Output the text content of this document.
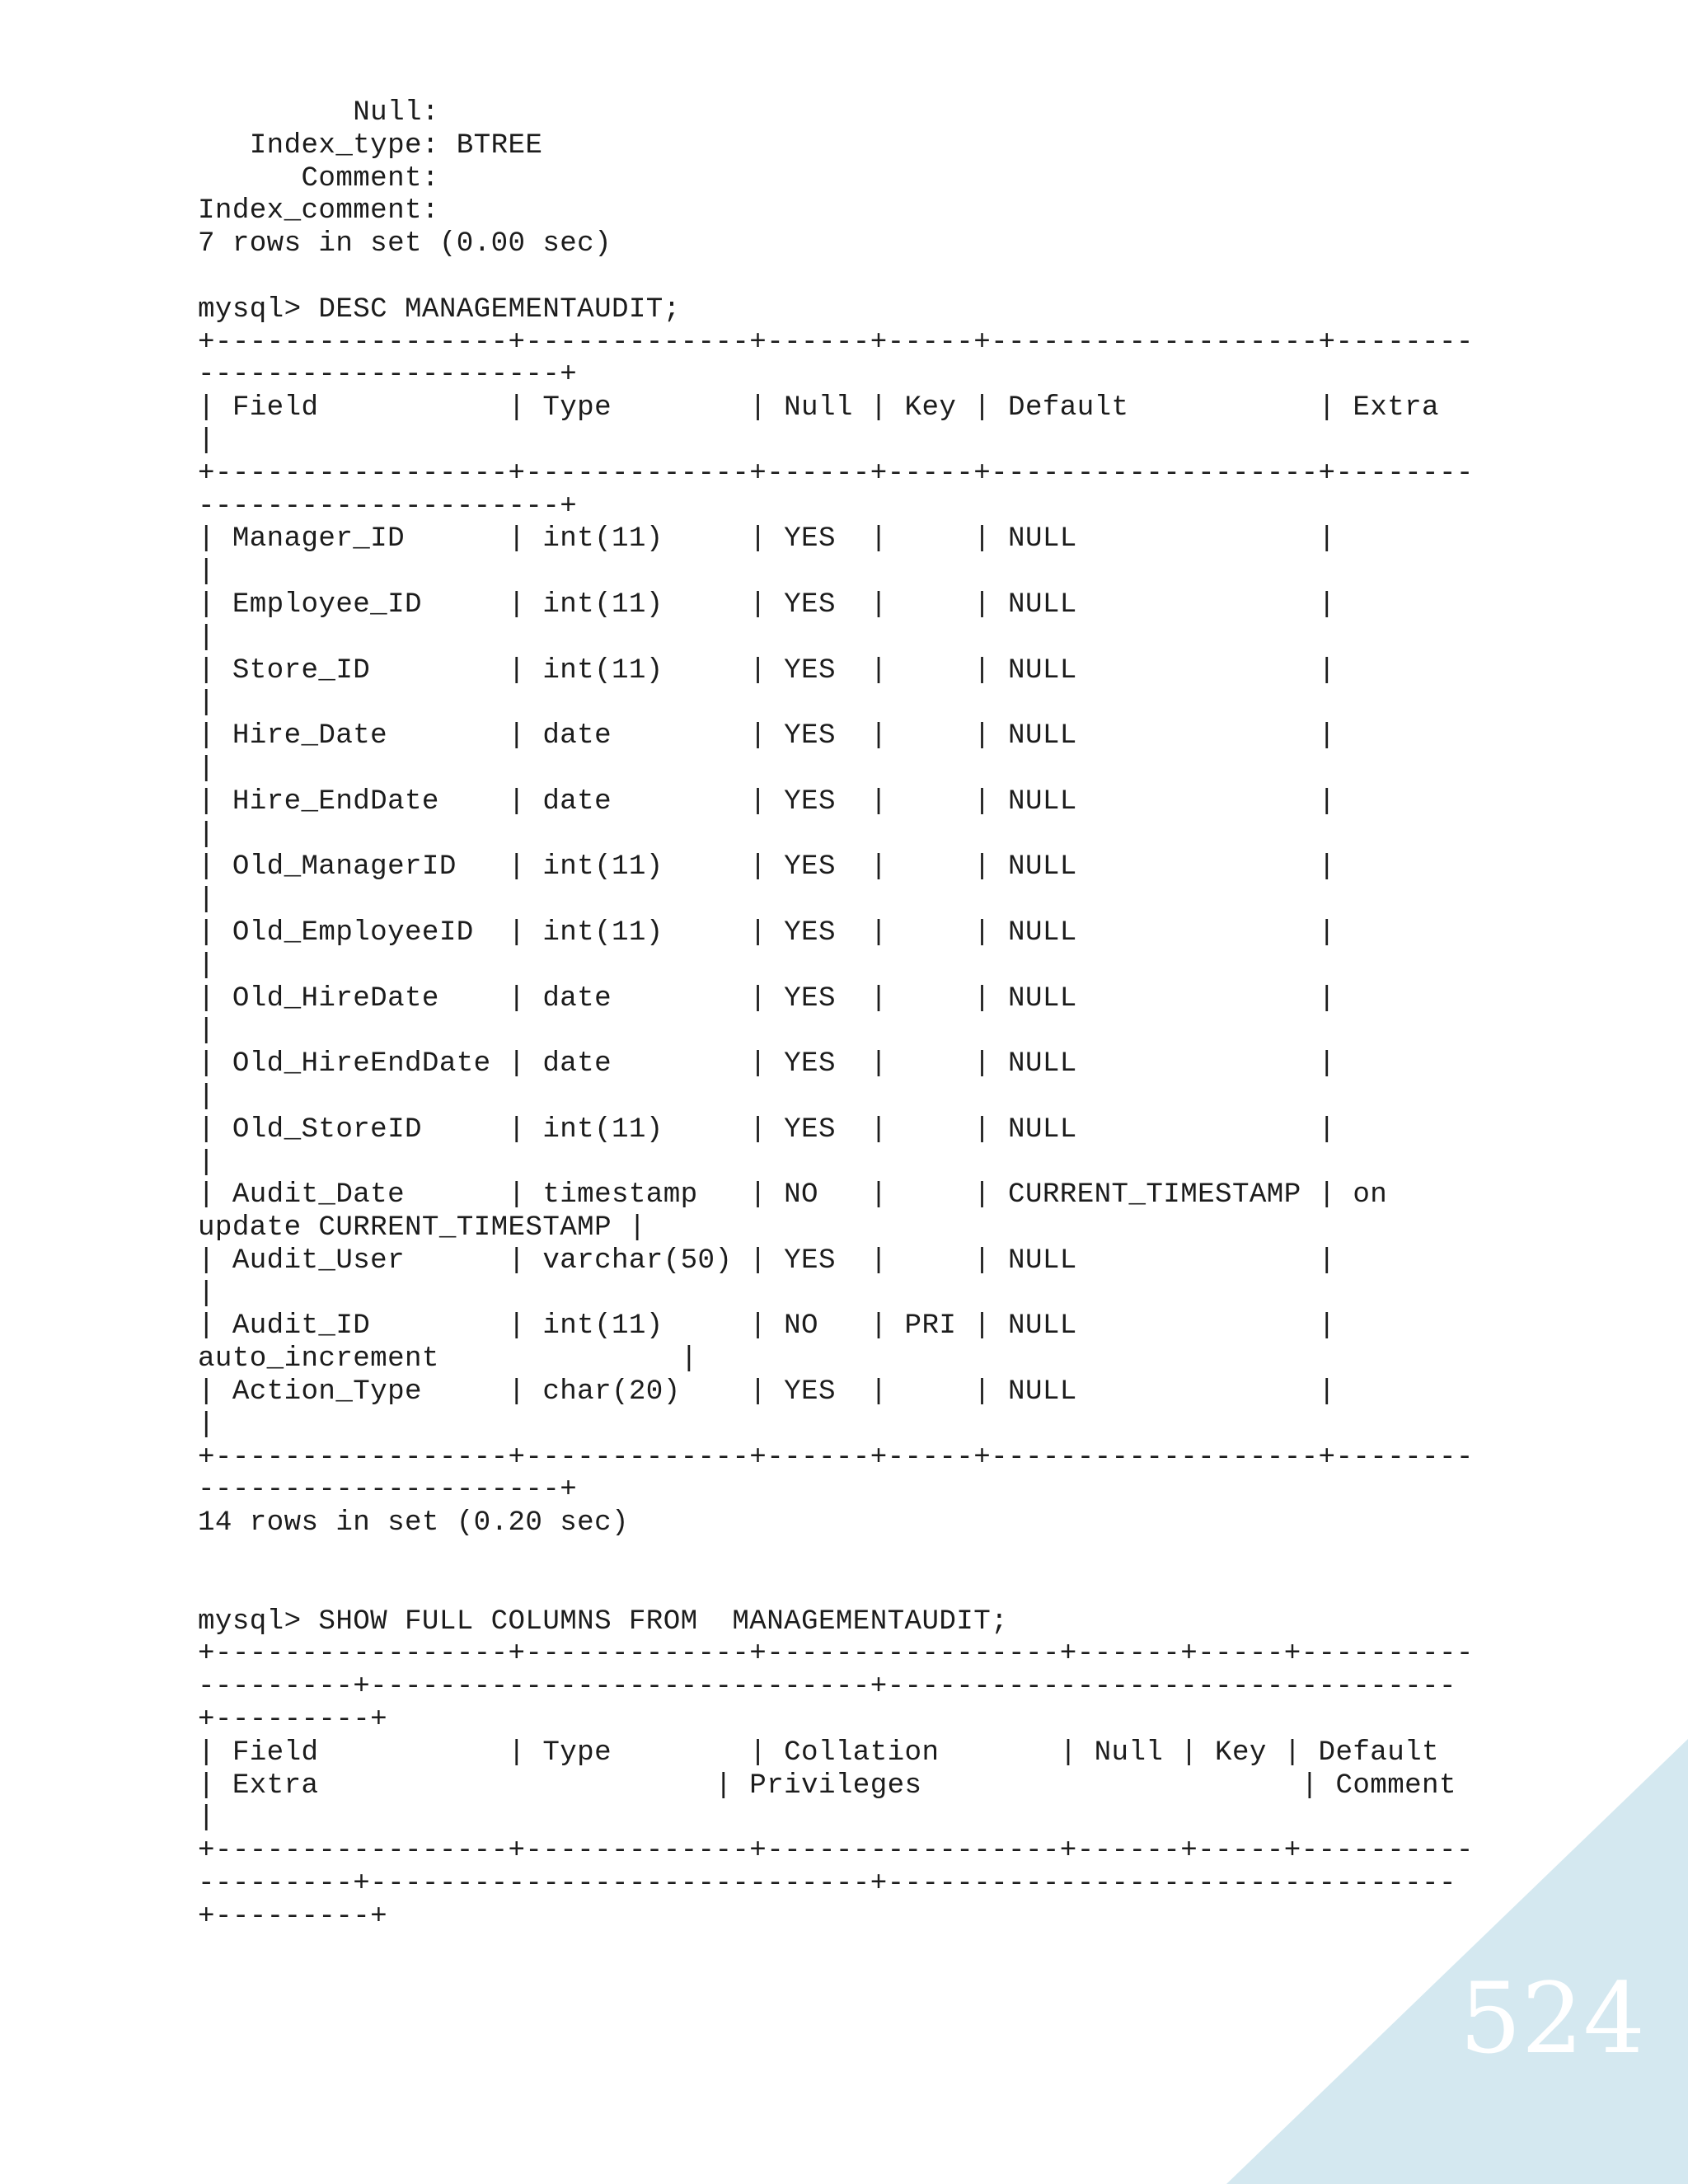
Null:
Index_type: BTREE
Comment:
Index_comment:
7 rows in set (0.00 sec)
mysql> DESC MANAGEMENTAUDIT;
+-----------------+-------------+------+-----+-------------------+--------
---------------------+
| Field           | Type        | Null | Key | Default           | Extra
|
+-----------------+-------------+------+-----+-------------------+--------
---------------------+
| Manager_ID      | int(11)     | YES  |     | NULL              |
|
| Employee_ID     | int(11)     | YES  |     | NULL              |
|
| Store_ID        | int(11)     | YES  |     | NULL              |
|
| Hire_Date       | date        | YES  |     | NULL              |
|
| Hire_EndDate    | date        | YES  |     | NULL              |
|
| Old_ManagerID   | int(11)     | YES  |     | NULL              |
|
| Old_EmployeeID  | int(11)     | YES  |     | NULL              |
|
| Old_HireDate    | date        | YES  |     | NULL              |
|
| Old_HireEndDate | date        | YES  |     | NULL              |
|
| Old_StoreID     | int(11)     | YES  |     | NULL              |
|
| Audit_Date      | timestamp   | NO   |     | CURRENT_TIMESTAMP | on
update CURRENT_TIMESTAMP |
| Audit_User      | varchar(50) | YES  |     | NULL              |
|
| Audit_ID        | int(11)     | NO   | PRI | NULL              |
auto_increment              |
| Action_Type     | char(20)    | YES  |     | NULL              |
|
+-----------------+-------------+------+-----+-------------------+--------
---------------------+
14 rows in set (0.20 sec)
mysql> SHOW FULL COLUMNS FROM  MANAGEMENTAUDIT;
+-----------------+-------------+-----------------+------+-----+----------
---------+-----------------------------+---------------------------------
+---------+
| Field           | Type        | Collation       | Null | Key | Default
| Extra                       | Privileges                      | Comment
|
+-----------------+-------------+-----------------+------+-----+----------
---------+-----------------------------+---------------------------------
+---------+
524
